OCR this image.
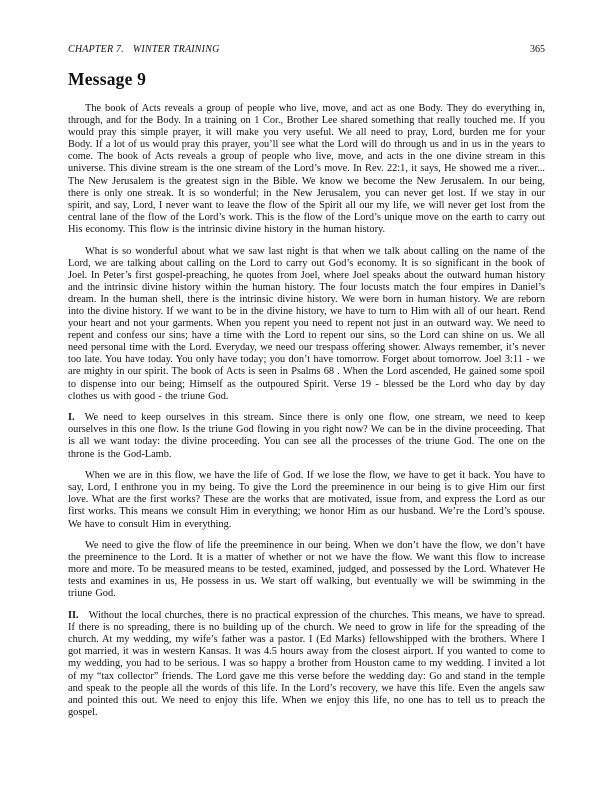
CHAPTER 7. WINTER TRAINING	365
Message 9

The book of Acts reveals a group of people who live, move, and act as one Body. They do everything in, through, and for the Body. In a training on 1 Cor., Brother Lee shared something that really touched me. If you would pray this simple prayer, it will make you very useful. We all need to pray, Lord, burden me for your Body. If a lot of us would pray this prayer, you’ll see what the Lord will do through us and in us in the years to come. The book of Acts reveals a group of people who live, move, and acts in the one divine stream in this universe. This divine stream is the one stream of the Lord’s move. In Rev. 22:1, it says, He showed me a river... The New Jerusalem is the greatest sign in the Bible. We know we become the New Jerusalem. In our being, there is only one streak. It is so wonderful; in the New Jerusalem, you can never get lost. If we stay in our spirit, and say, Lord, I never want to leave the flow of the Spirit all our my life, we will never get lost from the central lane of the flow of the Lord’s work. This is the flow of the Lord’s unique move on the earth to carry out His economy. This flow is the intrinsic divine history in the human history.

What is so wonderful about what we saw last night is that when we talk about calling on the name of the Lord, we are talking about calling on the Lord to carry out God’s economy. It is so significant in the book of Joel. In Peter’s first gospel-preaching, he quotes from Joel, where Joel speaks about the outward human history and the intrinsic divine history within the human history. The four locusts match the four empires in Daniel’s dream. In the human shell, there is the intrinsic divine history. We were born in human history. We are reborn into the divine history. If we want to be in the divine history, we have to turn to Him with all of our heart. Rend your heart and not your garments. When you repent you need to repent not just in an outward way. We need to repent and confess our sins; have a time with the Lord to repent our sins, so the Lord can shine on us. We all need personal time with the Lord. Everyday, we need our trespass offering shower. Always remember, it’s never too late. You have today. You only have today; you don’t have tomorrow. Forget about tomorrow. Joel 3:11 - we are mighty in our spirit. The book of Acts is seen in Psalms 68 . When the Lord ascended, He gained some spoil to dispense into our being; Himself as the outpoured Spirit. Verse 19 - blessed be the Lord who day by day clothes us with good - the triune God.

I. We need to keep ourselves in this stream. Since there is only one flow, one stream, we need to keep ourselves in this one flow. Is the triune God flowing in you right now? We can be in the divine proceeding. That is all we want today: the divine proceeding. You can see all the processes of the triune God. The one on the throne is the God-Lamb.

When we are in this flow, we have the life of God. If we lose the flow, we have to get it back. You have to say, Lord, I enthrone you in my being. To give the Lord the preeminence in our being is to give Him our first love. What are the first works? These are the works that are motivated, issue from, and express the Lord as our first works. This means we consult Him in everything; we honor Him as our husband. We’re the Lord’s spouse. We have to consult Him in everything.

We need to give the flow of life the preeminence in our being. When we don’t have the flow, we don’t have the preeminence to the Lord. It is a matter of whether or not we have the flow. We want this flow to increase more and more. To be measured means to be tested, examined, judged, and possessed by the Lord. Whatever He tests and examines in us, He possess in us. We start off walking, but eventually we will be swimming in the triune God.

II. Without the local churches, there is no practical expression of the churches. This means, we have to spread. If there is no spreading, there is no building up of the church. We need to grow in life for the spreading of the church. At my wedding, my wife’s father was a pastor. I (Ed Marks) fellowshipped with the brothers. Where I got married, it was in western Kansas. It was 4.5 hours away from the closest airport. If you wanted to come to my wedding, you had to be serious. I was so happy a brother from Houston came to my wedding. I invited a lot of my “tax collector” friends. The Lord gave me this verse before the wedding day: Go and stand in the temple and speak to the people all the words of this life. In the Lord’s recovery, we have this life. Even the angels saw and pointed this out. We need to enjoy this life. When we enjoy this life, no one has to tell us to preach the gospel.
